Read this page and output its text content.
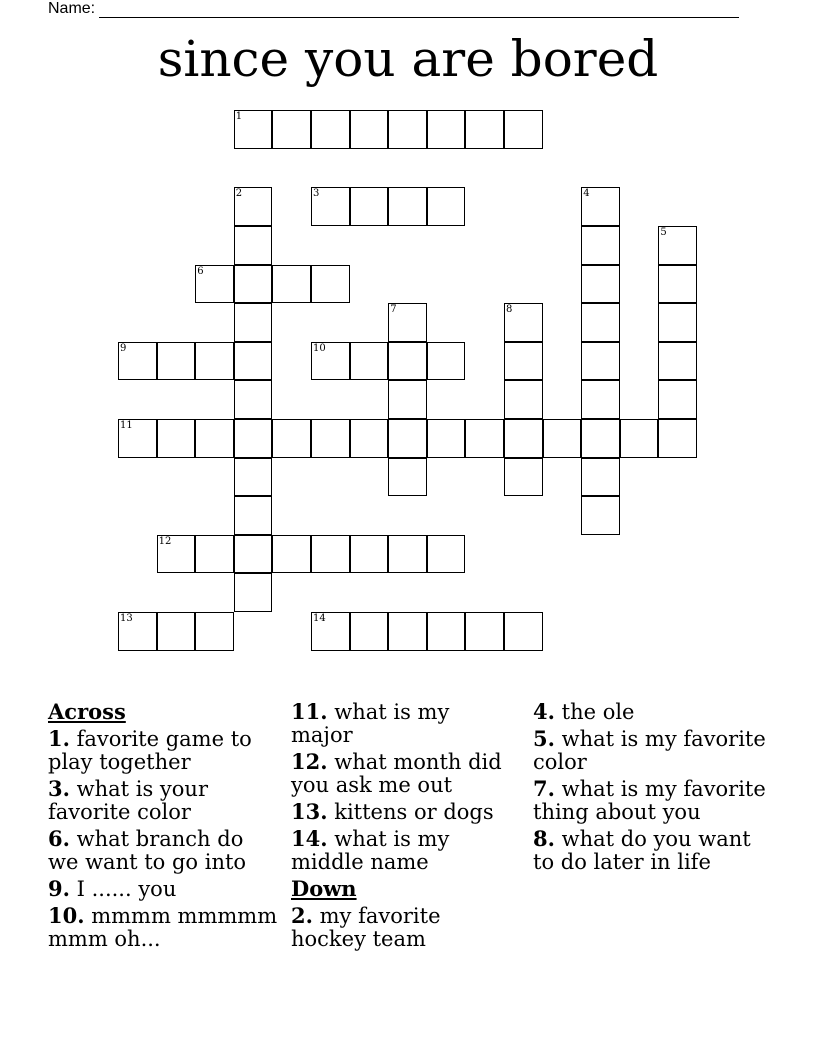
Name:
since you are bored
1
2	3	4
5
6
7	8
9	10
11
12
13	14
Across
1. favorite game to play together
3. what is your favorite color
6. what branch do we want to go into
9. I ...... you
10. mmmm mmmmm mmm oh...
11. what is my major
12. what month did you ask me out
13. kittens or dogs
14. what is my middle name
Down
2. my favorite hockey team
4. the ole
5. what is my favorite color
7. what is my favorite thing about you
8. what do you want to do later in life
